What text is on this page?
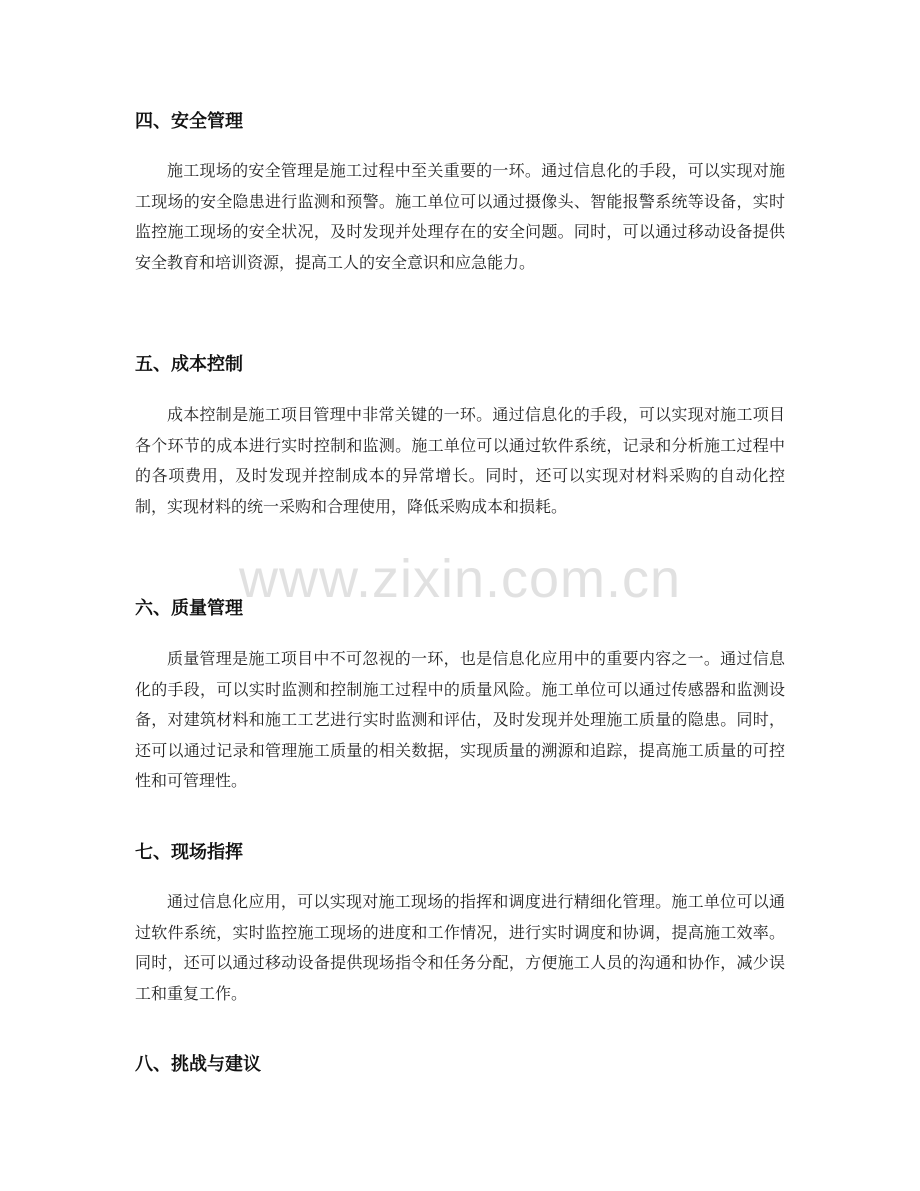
www.zixin.com.cn
四、安全管理

施工现场的安全管理是施工过程中至关重要的一环。通过信息化的手段，可以实现对施工现场的安全隐患进行监测和预警。施工单位可以通过摄像头、智能报警系统等设备，实时监控施工现场的安全状况，及时发现并处理存在的安全问题。同时，可以通过移动设备提供安全教育和培训资源，提高工人的安全意识和应急能力。

五、成本控制

成本控制是施工项目管理中非常关键的一环。通过信息化的手段，可以实现对施工项目各个环节的成本进行实时控制和监测。施工单位可以通过软件系统，记录和分析施工过程中的各项费用，及时发现并控制成本的异常增长。同时，还可以实现对材料采购的自动化控制，实现材料的统一采购和合理使用，降低采购成本和损耗。

六、质量管理

质量管理是施工项目中不可忽视的一环，也是信息化应用中的重要内容之一。通过信息化的手段，可以实时监测和控制施工过程中的质量风险。施工单位可以通过传感器和监测设备，对建筑材料和施工工艺进行实时监测和评估，及时发现并处理施工质量的隐患。同时，还可以通过记录和管理施工质量的相关数据，实现质量的溯源和追踪，提高施工质量的可控性和可管理性。

七、现场指挥

通过信息化应用，可以实现对施工现场的指挥和调度进行精细化管理。施工单位可以通过软件系统，实时监控施工现场的进度和工作情况，进行实时调度和协调，提高施工效率。同时，还可以通过移动设备提供现场指令和任务分配，方便施工人员的沟通和协作，减少误工和重复工作。

八、挑战与建议
